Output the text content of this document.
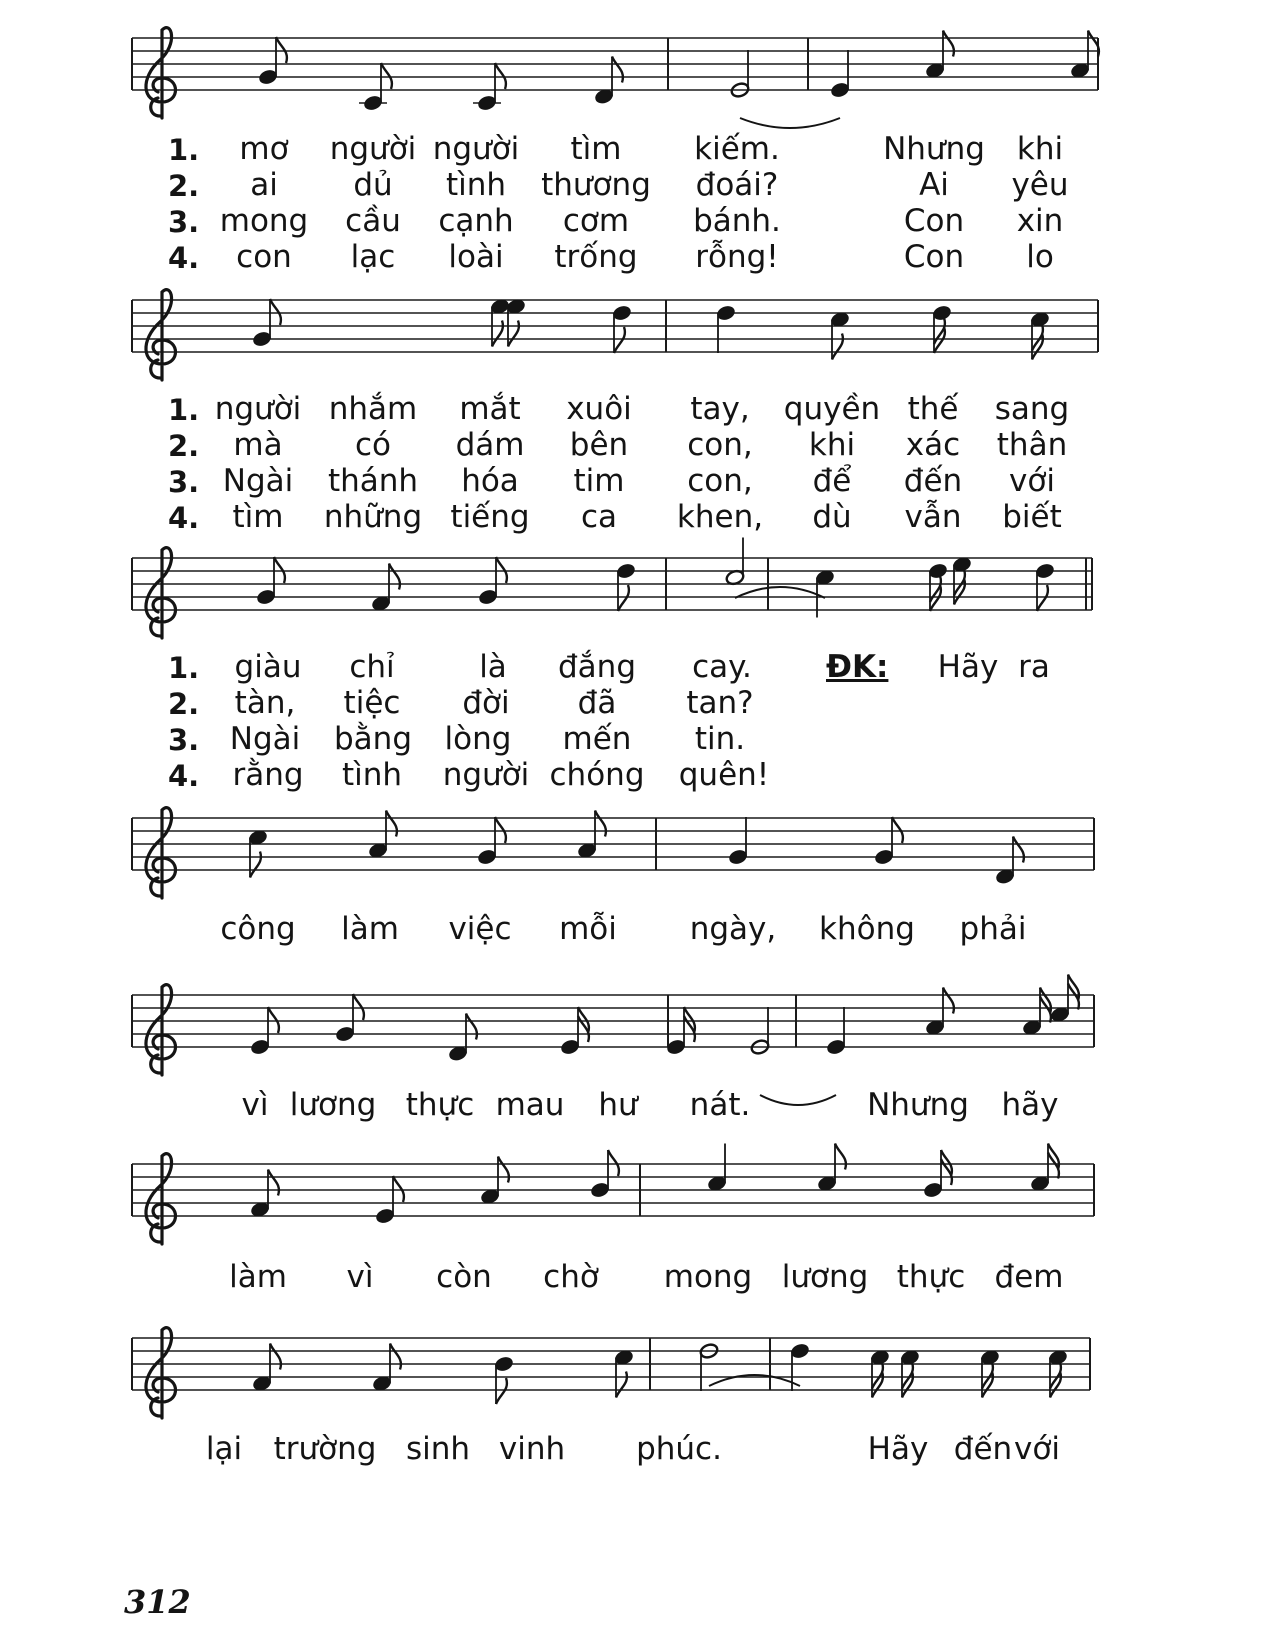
1. mơ người người tìm kiếm.	Nhưng khi
2. ai dủ tình thương đoái?	Ai yêu
3. mong cầu cạnh cơm bánh.	Con xin
4. con lạc loài trống rỗng!	Con lo
1. người nhắm mắt xuôi tay, quyền thế sang
2. mà có dám bên con, khi xác thân
3. Ngài thánh hóa tim con, để đến với
4. tìm những tiếng ca khen, dù vẫn biết
1. giàu chỉ	là đắng cay.	Hãy ra
2. tàn, tiệc đời đã tan?
3. Ngài bằng lòng mến tin.
4. rằng tình người chóng quên!
ĐK:
công làm việc mỗi ngày, không phải
vì lương thực mau hư nát.	Nhưng hãy
làm vì còn chờ mong lương thực đem
lại trường sinh vinh phúc.	Hãy đến với
312
